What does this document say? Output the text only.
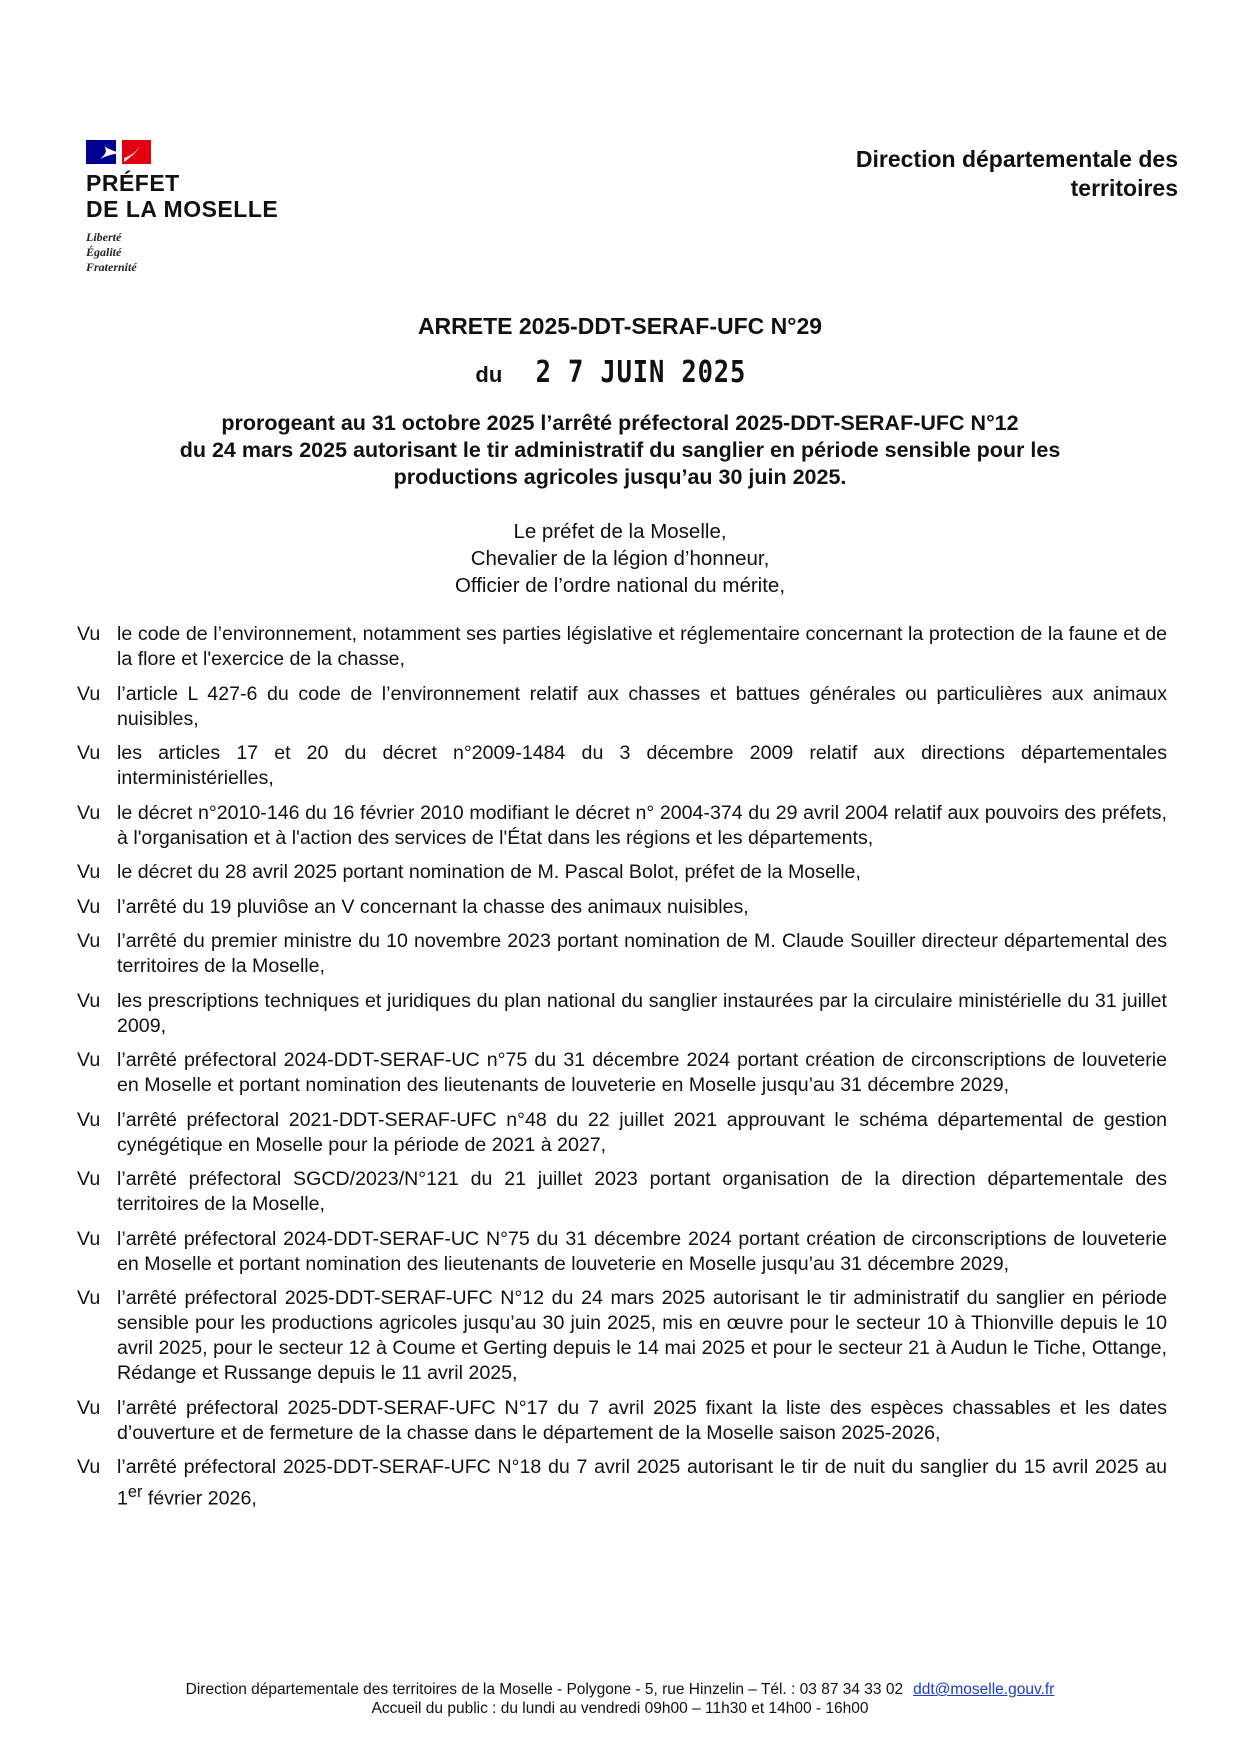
PRÉFET
DE LA MOSELLE
Liberté
Égalité
Fraternité
Direction départementale des
territoires
ARRETE 2025-DDT-SERAF-UFC N°29
du 2 7 JUIN 2025
prorogeant au 31 octobre 2025 l’arrêté préfectoral 2025-DDT-SERAF-UFC N°12
du 24 mars 2025 autorisant le tir administratif du sanglier en période sensible pour les
productions agricoles jusqu’au 30 juin 2025.
Le préfet de la Moselle,
Chevalier de la légion d’honneur,
Officier de l’ordre national du mérite,
Vu le code de l’environnement, notamment ses parties législative et réglementaire concernant la protection de la faune et de la flore et l'exercice de la chasse,
Vu l’article L 427-6 du code de l’environnement relatif aux chasses et battues générales ou particulières aux animaux nuisibles,
Vu les articles 17 et 20 du décret n°2009-1484 du 3 décembre 2009 relatif aux directions départementales interministérielles,
Vu le décret n°2010-146 du 16 février 2010 modifiant le décret n° 2004-374 du 29 avril 2004 relatif aux pouvoirs des préfets, à l'organisation et à l'action des services de l'État dans les régions et les départements,
Vu le décret du 28 avril 2025 portant nomination de M. Pascal Bolot, préfet de la Moselle,
Vu l’arrêté du 19 pluviôse an V concernant la chasse des animaux nuisibles,
Vu l’arrêté du premier ministre du 10 novembre 2023 portant nomination de M. Claude Souiller directeur départemental des territoires de la Moselle,
Vu les prescriptions techniques et juridiques du plan national du sanglier instaurées par la circulaire ministérielle du 31 juillet 2009,
Vu l’arrêté préfectoral 2024-DDT-SERAF-UC n°75 du 31 décembre 2024 portant création de circonscriptions de louveterie en Moselle et portant nomination des lieutenants de louveterie en Moselle jusqu’au 31 décembre 2029,
Vu l’arrêté préfectoral 2021-DDT-SERAF-UFC n°48 du 22 juillet 2021 approuvant le schéma départemental de gestion cynégétique en Moselle pour la période de 2021 à 2027,
Vu l’arrêté préfectoral SGCD/2023/N°121 du 21 juillet 2023 portant organisation de la direction départementale des territoires de la Moselle,
Vu l’arrêté préfectoral 2024-DDT-SERAF-UC N°75 du 31 décembre 2024 portant création de circonscriptions de louveterie en Moselle et portant nomination des lieutenants de louveterie en Moselle jusqu’au 31 décembre 2029,
Vu l’arrêté préfectoral 2025-DDT-SERAF-UFC N°12 du 24 mars 2025 autorisant le tir administratif du sanglier en période sensible pour les productions agricoles jusqu’au 30 juin 2025, mis en œuvre pour le secteur 10 à Thionville depuis le 10 avril 2025, pour le secteur 12 à Coume et Gerting depuis le 14 mai 2025 et pour le secteur 21 à Audun le Tiche, Ottange, Rédange et Russange depuis le 11 avril 2025,
Vu l’arrêté préfectoral 2025-DDT-SERAF-UFC N°17 du 7 avril 2025 fixant la liste des espèces chassables et les dates d’ouverture et de fermeture de la chasse dans le département de la Moselle saison 2025-2026,
Vu l’arrêté préfectoral 2025-DDT-SERAF-UFC N°18 du 7 avril 2025 autorisant le tir de nuit du sanglier du 15 avril 2025 au 1er février 2026,
Direction départementale des territoires de la Moselle - Polygone - 5, rue Hinzelin – Tél. : 03 87 34 33 02 ddt@moselle.gouv.fr
Accueil du public : du lundi au vendredi 09h00 – 11h30 et 14h00 - 16h00
